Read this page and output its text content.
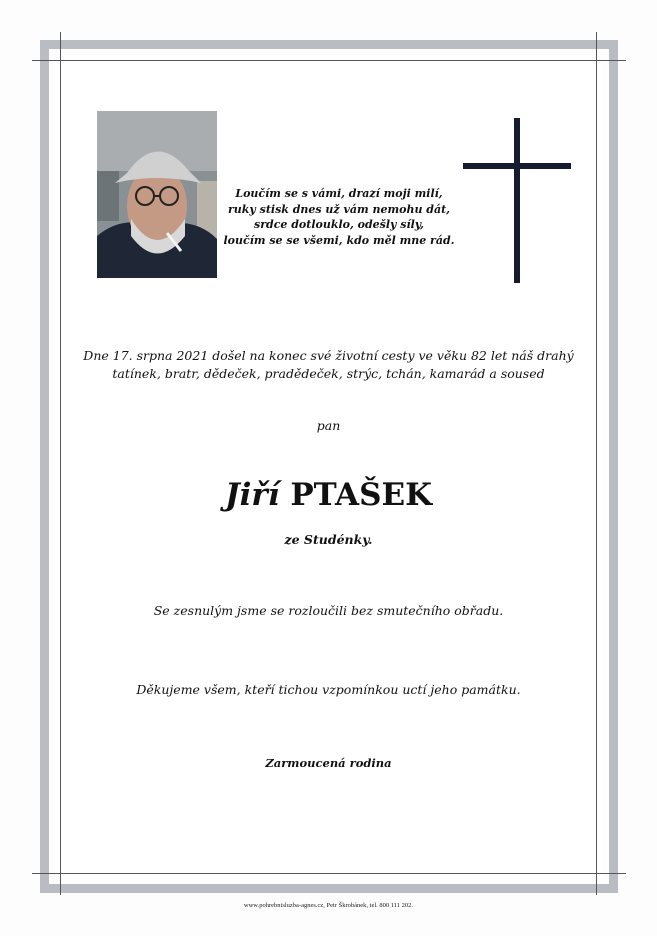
Loučím se s vámi, drazí moji milí,
ruky stisk dnes už vám nemohu dát,
srdce dotlouklo, odešly síly,
loučím se se všemi, kdo měl mne rád.
Dne 17. srpna 2021 došel na konec své životní cesty ve věku 82 let náš drahý
tatínek, bratr, dědeček, pradědeček, strýc, tchán, kamarád a soused
pan
Jiří PTAŠEK
ze Studénky.
Se zesnulým jsme se rozloučili bez smutečního obřadu.
Děkujeme všem, kteří tichou vzpomínkou uctí jeho památku.
Zarmoucená rodina
www.pohrebnisluzba-agnes.cz, Petr Škrobánek, tel. 800 111 202.
